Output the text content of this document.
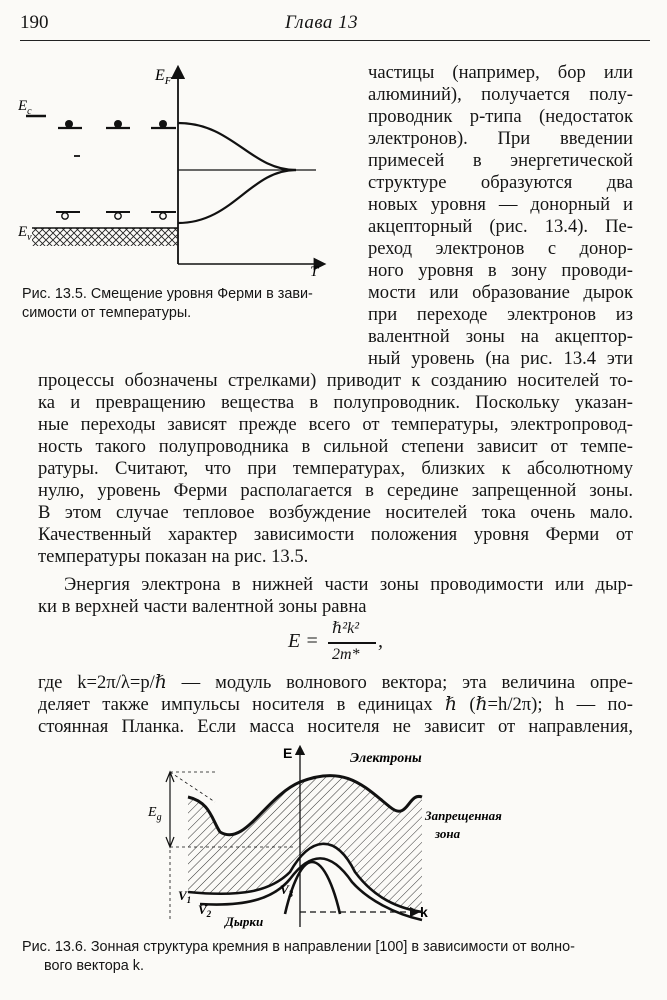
190	Глава 13
$E_F$
T
$E_c$
$E_v$
Рис. 13.5. Смещение уровня Ферми в зави-
симости от температуры.
частицы (например, бор или
алюминий), получается полу-
проводник p-типа (недостаток
электронов). При введении
примесей в энергетической
структуре образуются два
новых уровня — донорный и
акцепторный (рис. 13.4). Пе-
реход электронов с донор-
ного уровня в зону проводи-
мости или образование дырок
при переходе электронов из
валентной зоны на акцептор-
ный уровень (на рис. 13.4 эти
процессы обозначены стрелками) приводит к созданию носителей то-
ка и превращению вещества в полупроводник. Поскольку указан-
ные переходы зависят прежде всего от температуры, электропровод-
ность такого полупроводника в сильной степени зависит от темпе-
ратуры. Считают, что при температурах, близких к абсолютному
нулю, уровень Ферми располагается в середине запрещенной зоны.
В этом случае тепловое возбуждение носителей тока очень мало.
Качественный характер зависимости положения уровня Ферми от
температуры показан на рис. 13.5.
Энергия электрона в нижней части зоны проводимости или дыр-
ки в верхней части валентной зоны равна
E =
ℏ²k²
2m*
,
где k=2π/λ=p/ℏ — модуль волнового вектора; эта величина опре-
деляет также импульсы носителя в единицах ℏ (ℏ=h/2π); h — по-
стоянная Планка. Если масса носителя не зависит от направления,
E
k
$E_g$
Электроны
Запрещенная
зона
$V_1$
$V_2$
$V_3$
Дырки
Рис. 13.6. Зонная структура кремния в направлении [100] в зависимости от волно-
вого вектора k.
